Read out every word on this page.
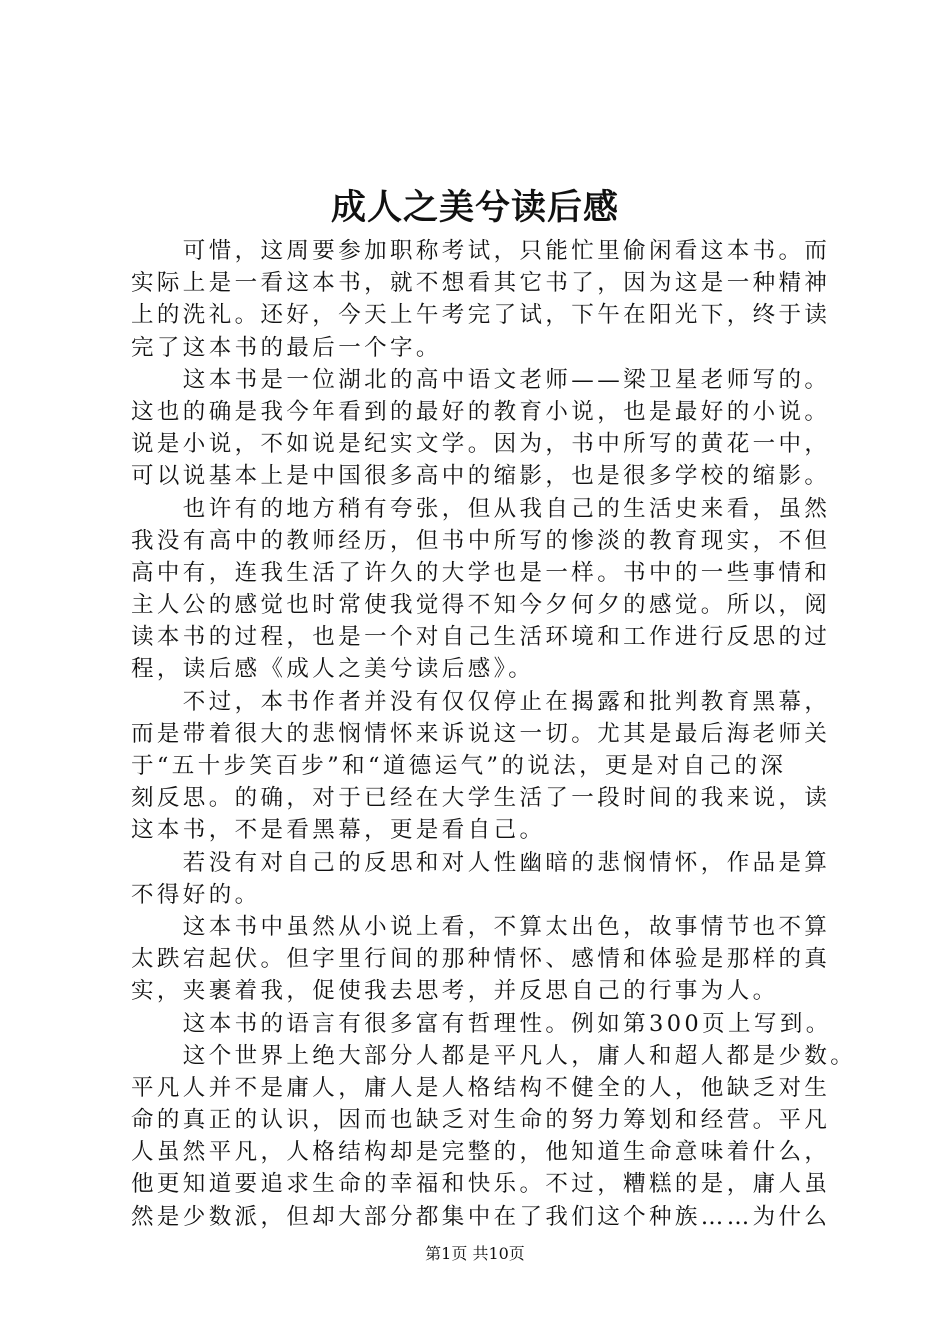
成人之美兮读后感
　　可惜，这周要参加职称考试，只能忙里偷闲看这本书。而
实际上是一看这本书，就不想看其它书了，因为这是一种精神
上的洗礼。还好，今天上午考完了试，下午在阳光下，终于读
完了这本书的最后一个字。
　　这本书是一位湖北的高中语文老师——梁卫星老师写的。
这也的确是我今年看到的最好的教育小说，也是最好的小说。
说是小说，不如说是纪实文学。因为，书中所写的黄花一中，
可以说基本上是中国很多高中的缩影，也是很多学校的缩影。
　　也许有的地方稍有夸张，但从我自己的生活史来看，虽然
我没有高中的教师经历，但书中所写的惨淡的教育现实，不但
高中有，连我生活了许久的大学也是一样。书中的一些事情和
主人公的感觉也时常使我觉得不知今夕何夕的感觉。所以，阅
读本书的过程，也是一个对自己生活环境和工作进行反思的过
程，读后感《成人之美兮读后感》。
　　不过，本书作者并没有仅仅停止在揭露和批判教育黑幕，
而是带着很大的悲悯情怀来诉说这一切。尤其是最后海老师关
于“五十步笑百步”和“道德运气”的说法，更是对自己的深
刻反思。的确，对于已经在大学生活了一段时间的我来说，读
这本书，不是看黑幕，更是看自己。
　　若没有对自己的反思和对人性幽暗的悲悯情怀，作品是算
不得好的。
　　这本书中虽然从小说上看，不算太出色，故事情节也不算
太跌宕起伏。但字里行间的那种情怀、感情和体验是那样的真
实，夹裹着我，促使我去思考，并反思自己的行事为人。
　　这本书的语言有很多富有哲理性。例如第300页上写到。
　　这个世界上绝大部分人都是平凡人，庸人和超人都是少数。
平凡人并不是庸人，庸人是人格结构不健全的人，他缺乏对生
命的真正的认识，因而也缺乏对生命的努力筹划和经营。平凡
人虽然平凡，人格结构却是完整的，他知道生命意味着什么，
他更知道要追求生命的幸福和快乐。不过，糟糕的是，庸人虽
然是少数派，但却大部分都集中在了我们这个种族……为什么
第1页 共10页
